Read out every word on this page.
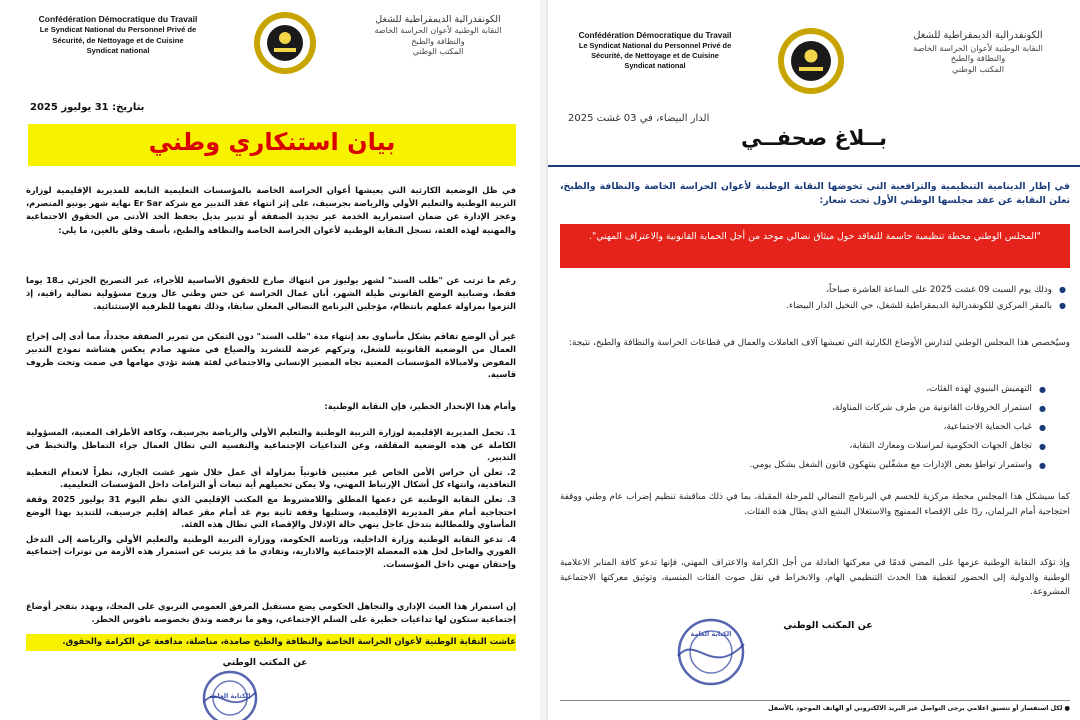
Confédération Démocratique du Travail
Le Syndicat National du Personnel Privé de
Sécurité, de Nettoyage et de Cuisine
Syndicat national
الكونفدرالية الديمقراطية للشغل
النقابة الوطنية لأعوان الحراسة الخاصة
والنظافة والطبخ
المكتب الوطني
بتاريخ: 31 يوليوز 2025
بيان استنكاري وطني

في ظل الوضعية الكارثية التي يعيشها أعوان الحراسة الخاصة بالمؤسسات التعليمية التابعة للمديرية الإقليمية لوزارة التربية الوطنية والتعليم الأولي والرياضة بجرسيف، على إثر انتهاء عقد التدبير مع شركة Er Sar نهاية شهر يونيو المنصرم، وعجز الإدارة عن ضمان استمرارية الخدمة عبر تجديد الصفقة أو تدبير بديل يحفظ الحد الأدنى من الحقوق الاجتماعية والمهنية لهذه الفئة، تسجل النقابة الوطنية لأعوان الحراسة الخاصة والنظافة والطبخ، بأسف وقلق بالغين، ما يلي:

رغم ما ترتب عن "طلب السند" لشهر يوليوز من انتهاك صارخ للحقوق الأساسية للأجراء، عبر التصريح الجزئي بـ18 يوما فقط، وضبابية الوضع القانوني طيلة الشهر، أبان عمال الحراسة عن حس وطني عال وروح مسؤولية نضالية راقية، إذ التزموا بمزاولة عملهم بانتظام، مؤجلين البرنامج النضالي المعلن سابقا، وذلك تفهما للظرفية الإستثنائية.

غير أن الوضع تفاقم بشكل مأساوي بعد إنتهاء مدة "طلب السند" دون التمكن من تمرير الصفقة مجدداً، مما أدى إلى إخراج العمال من الوضعية القانونية للشغل، وتركهم عرضة للتشريد والضياع في مشهد صادم يعكس هشاشة نموذج التدبير المفوض ولامبالاة المؤسسات المعنية تجاه المصير الإنساني والاجتماعي لفئة هشة تؤدي مهامها في صمت وتحت ظروف قاسية.

وأمام هذا الإنحدار الخطير، فإن النقابة الوطنية:

1. تحمل المديرية الإقليمية لوزارة التربية الوطنية والتعليم الأولي والرياضة بجرسيف، وكافة الأطراف المعنية، المسؤولية الكاملة عن هذه الوضعية المقلقة، وعن التداعيات الإجتماعية والنفسية التي تطال العمال جراء التماطل والتخبط في التدبير.
2. تعلن أن حراس الأمن الخاص غير معنيين قانونياً بمزاولة أي عمل خلال شهر غشت الجاري، نظراً لانعدام التغطية التعاقدية، وانتهاء كل أشكال الإرتباط المهني، ولا يمكن تحميلهم أية تبعات أو التزامات داخل المؤسسات التعليمية.
3. تعلن النقابة الوطنية عن دعمها المطلق واللامشروط مع المكتب الإقليمي الذي نظم اليوم 31 يوليوز 2025 وقفة احتجاجية أمام مقر المديرية الإقليمية، وستليها وقفة ثانية يوم غد أمام مقر عمالة إقليم جرسيف، للتنديد بهذا الوضع المأساوي وللمطالبة بتدخل عاجل ينهي حالة الإذلال والإقصاء التي تطال هذه الفئة.
4. تدعو النقابة الوطنية وزارة الداخلية، ورئاسة الحكومة، ووزارة التربية الوطنية والتعليم الأولي والرياضة إلى التدخل الفوري والعاجل لحل هذه المعضلة الإجتماعية والادارية، وتفادي ما قد يترتب عن استمرار هذه الأزمة من توترات إجتماعية وإحتقان مهني داخل المؤسسات.

إن استمرار هذا العبث الإداري والتجاهل الحكومي يضع مستقبل المرفق العمومي التربوي على المحك، ويهدد بتفجر أوضاع إجتماعية ستكون لها تداعيات خطيرة على السلم الإجتماعي، وهو ما نرفضه وندق بخصوصه ناقوس الخطر.

عاشت النقابة الوطنية لأعوان الحراسة الخاصة والنظافة والطبخ صامدة، مناضلة، مدافعة عن الكرامة والحقوق.

عن المكتب الوطني
الكتابة العامة
Confédération Démocratique du Travail
Le Syndicat National du Personnel Privé de
Sécurité, de Nettoyage et de Cuisine
Syndicat national
الكونفدرالية الديمقراطية للشغل
النقابة الوطنية لأعوان الحراسة الخاصة
والنظافة والطبخ
المكتب الوطني
الدار البيضاء، في 03 غشت 2025
بــلاغ صحفــي

في إطار الدينامية التنظيمية والترافعية التي تخوضها النقابة الوطنية لأعوان الحراسة الخاصة والنظافة والطبخ، تعلن النقابة عن عقد مجلسها الوطني الأول تحت شعار:

"المجلس الوطني محطة تنظيمية حاسمة للتعاقد حول ميثاق نضالي موحد من أجل الحماية القانونية والاعتراف المهني".

● وذلك يوم السبت 09 غشت 2025 على الساعة العاشرة صباحاً،
● بالمقر المركزي للكونفدرالية الديمقراطية للشغل، حي النخيل الدار البيضاء.

وسيُخصص هذا المجلس الوطني لتدارس الأوضاع الكارثية التي تعيشها آلاف العاملات والعمال في قطاعات الحراسة والنظافة والطبخ، نتيجة:

● التهميش البنيوي لهذه الفئات،
● استمرار الخروقات القانونية من طرف شركات المناولة،
● غياب الحماية الاجتماعية،
● تجاهل الجهات الحكومية لمراسلات ومعارك النقابة،
● واستمرار تواطؤ بعض الإدارات مع مشغّلين ينتهكون قانون الشغل بشكل يومي.

كما سيشكل هذا المجلس محطة مركزية للحسم في البرنامج النضالي للمرحلة المقبلة، بما في ذلك مناقشة تنظيم إضراب عام وطني ووقفة احتجاجية أمام البرلمان، ردًا على الإقصاء الممنهج والاستغلال البشع الذي يطال هذه الفئات.

وإذ تؤكد النقابة الوطنية عزمها على المضي قدمًا في معركتها العادلة من أجل الكرامة والاعتراف المهني، فإنها تدعو كافة المنابر الاعلامية الوطنية والدولية إلى الحضور لتغطية هذا الحدث التنظيمي الهام، والانخراط في نقل صوت الفئات المنسية، وتوثيق معركتها الاجتماعية المشروعة.

عن المكتب الوطني
الكتابة العامة
● لكل استفسار أو تنسيق اعلامي يرجى التواصل عبر البريد الالكتروني أو الهاتف الموجود بالأسفل
